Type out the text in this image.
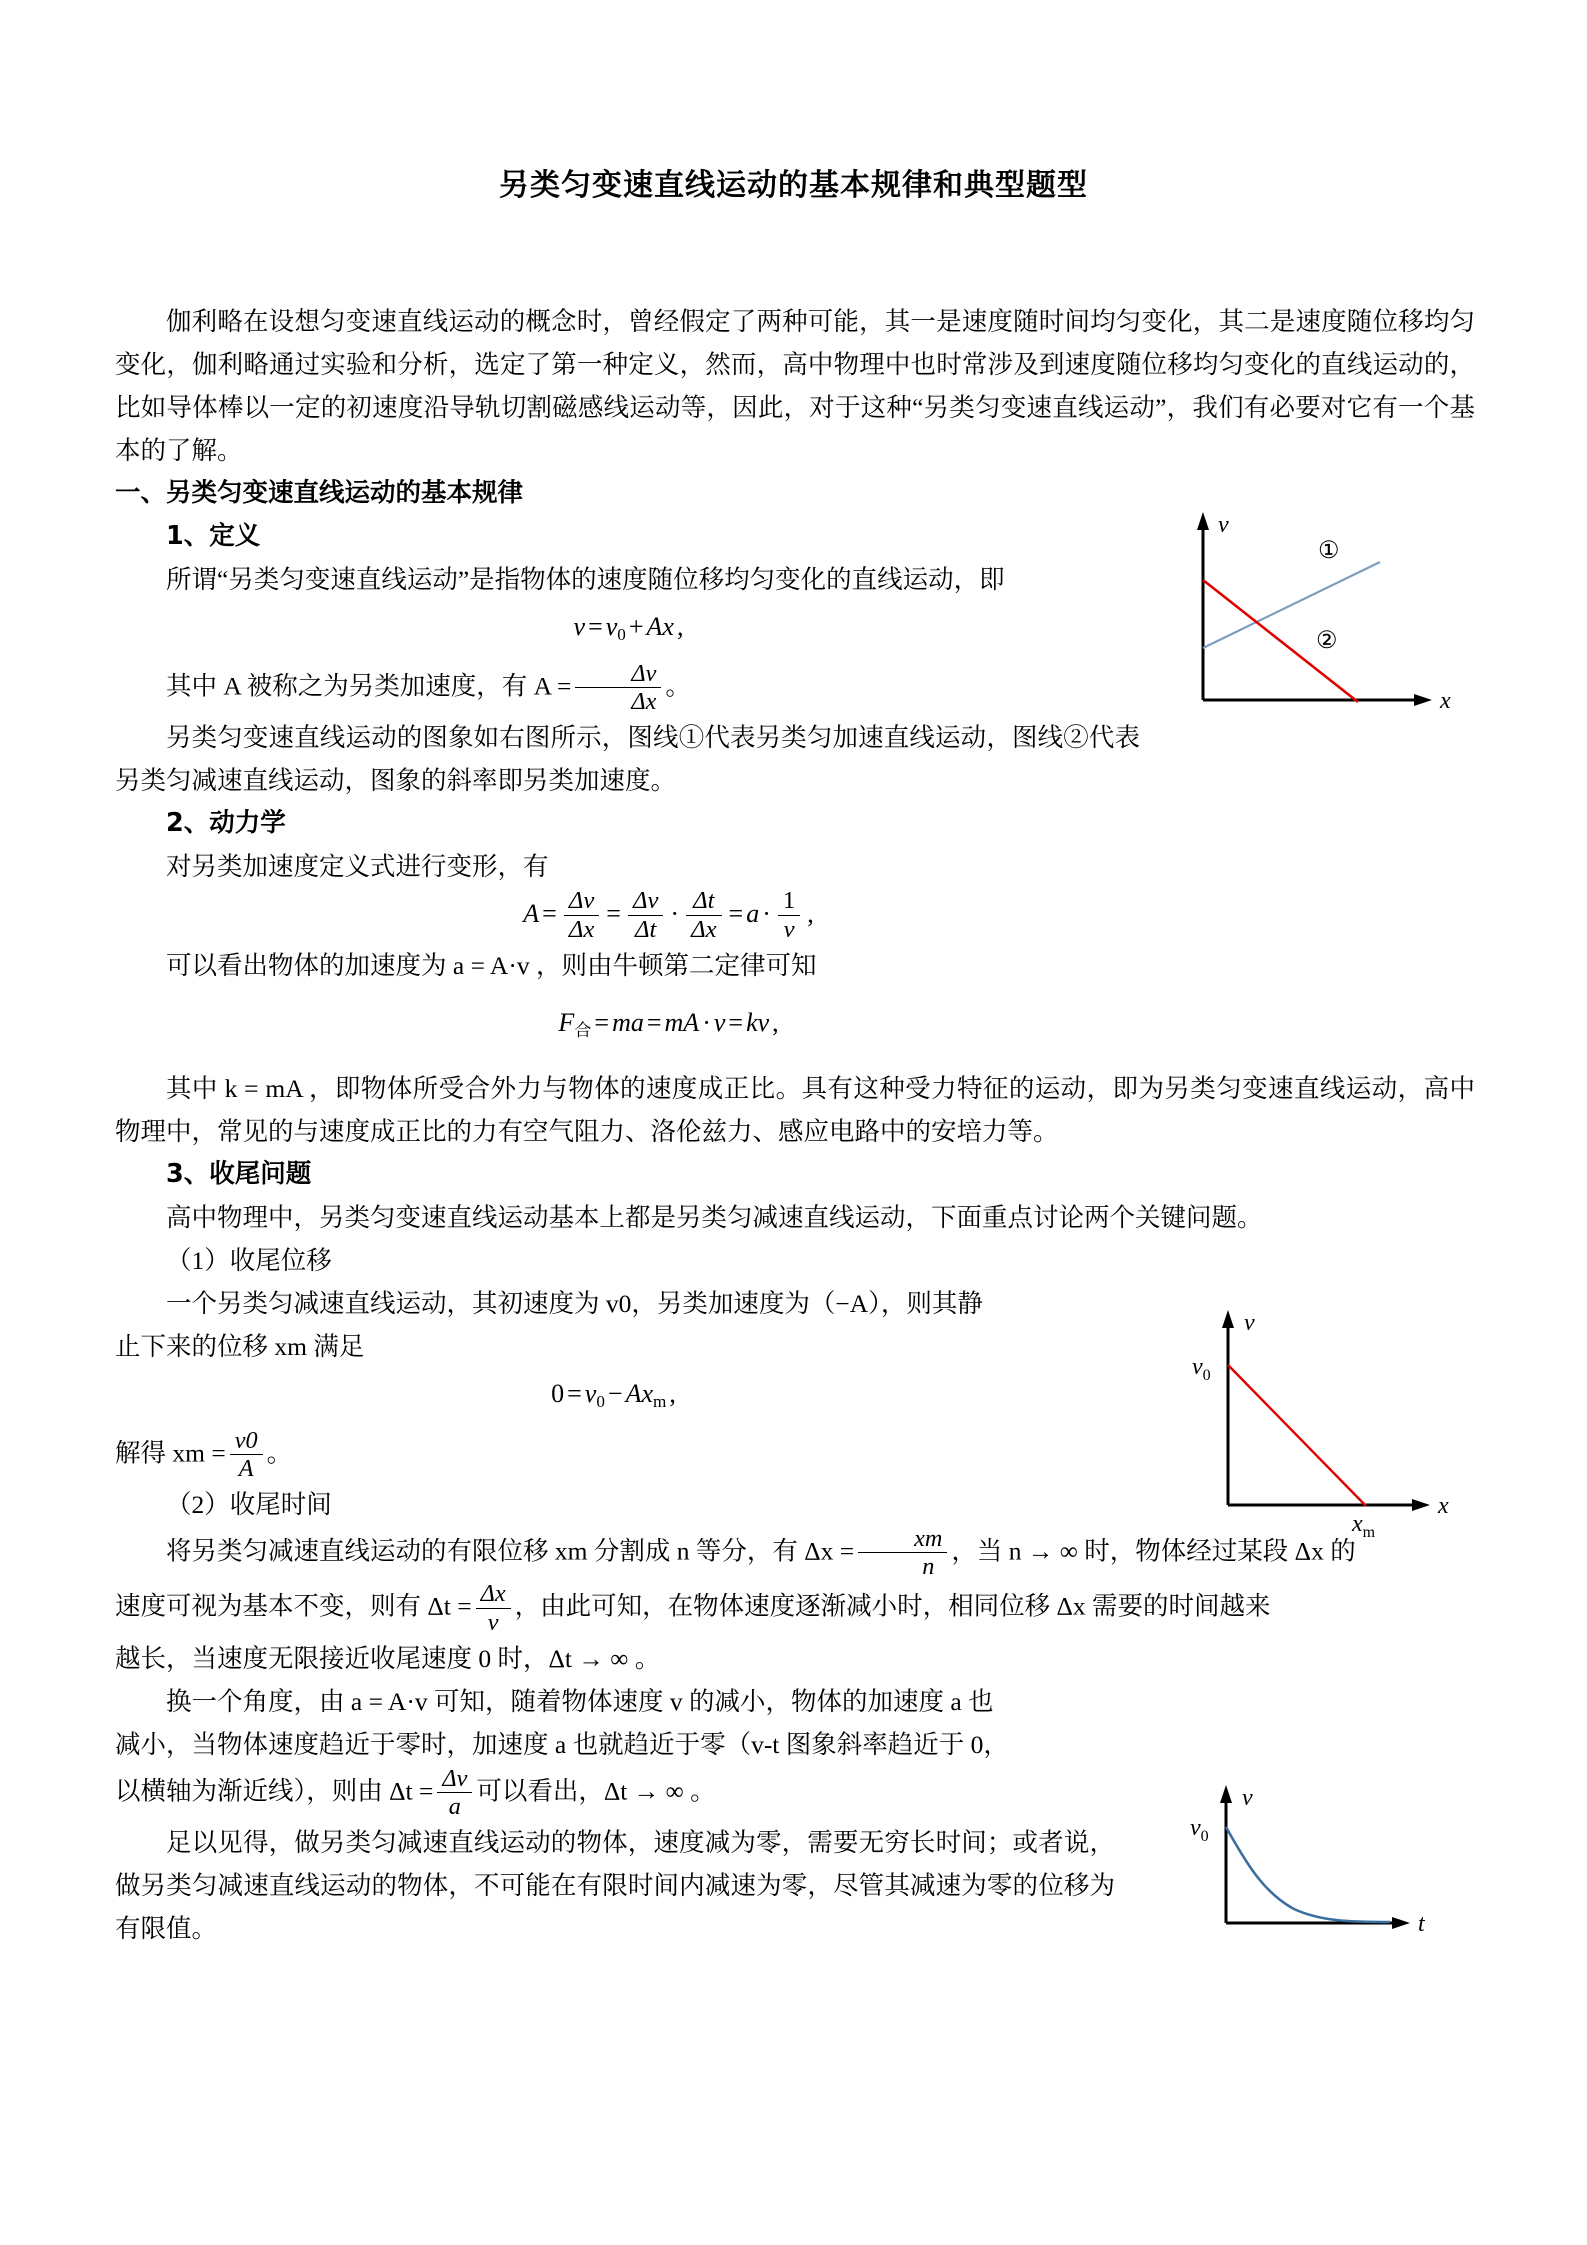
另类匀变速直线运动的基本规律和典型题型

伽利略在设想匀变速直线运动的概念时，曾经假定了两种可能，其一是速度随时间均匀变化，其二是速度随位移均匀变化，伽利略通过实验和分析，选定了第一种定义，然而，高中物理中也时常涉及到速度随位移均匀变化的直线运动的，比如导体棒以一定的初速度沿导轨切割磁感线运动等，因此，对于这种“另类匀变速直线运动”，我们有必要对它有一个基本的了解。

一、另类匀变速直线运动的基本规律
1、定义

所谓“另类匀变速直线运动”是指物体的速度随位移均匀变化的直线运动，即

$v = v_0 + Ax$ ,

其中 A 被称之为另类加速度，有 $A = \frac{\Delta v}{\Delta x}$ 。

另类匀变速直线运动的图象如右图所示，图线①代表另类匀加速直线运动，图线②代表另类匀减速直线运动，图象的斜率即另类加速度。

2、动力学

对另类加速度定义式进行变形，有

$A = \frac{\Delta v}{\Delta x} = \frac{\Delta v}{\Delta t} \cdot \frac{\Delta t}{\Delta x} = a \cdot \frac{1}{v}$ ,

可以看出物体的加速度为 a = A·v ，则由牛顿第二定律可知

$F_合$ = ma = mA · v = kv ,

其中 k = mA ，即物体所受合外力与物体的速度成正比。具有这种受力特征的运动，即为另类匀变速直线运动，高中物理中，常见的与速度成正比的力有空气阻力、洛伦兹力、感应电路中的安培力等。

3、收尾问题

高中物理中，另类匀变速直线运动基本上都是另类匀减速直线运动，下面重点讨论两个关键问题。

（1）收尾位移

一个另类匀减速直线运动，其初速度为 v0，另类加速度为（−A），则其静

止下来的位移 xm 满足

$0 = v_0 - Ax_m$ ,

解得 xm = $\frac{v0}{A}$ 。

（2）收尾时间

将另类匀减速直线运动的有限位移 xm 分割成 n 等分，有 $\Delta x = \frac{xm}{n}$ ，当 n → ∞ 时，物体经过某段 Δx 的

速度可视为基本不变，则有 $\Delta t = \frac{\Delta x}{v}$ ，由此可知，在物体速度逐渐减小时，相同位移 Δx 需要的时间越来

越长，当速度无限接近收尾速度 0 时，Δt → ∞ 。

换一个角度，由 a = A·v 可知，随着物体速度 v 的减小，物体的加速度 a 也

减小，当物体速度趋近于零时，加速度 a 也就趋近于零（v-t 图象斜率趋近于 0，

以横轴为渐近线），则由 $\Delta t = \frac{\Delta v}{a}$ 可以看出，Δt → ∞ 。

足以见得，做另类匀减速直线运动的物体，速度减为零，需要无穷长时间；或者说，做另类匀减速直线运动的物体，不可能在有限时间内减速为零，尽管其减速为零的位移为有限值。

v
x
①
②
v
x
$v_0$
$x_m$
v
t
$v_0$
